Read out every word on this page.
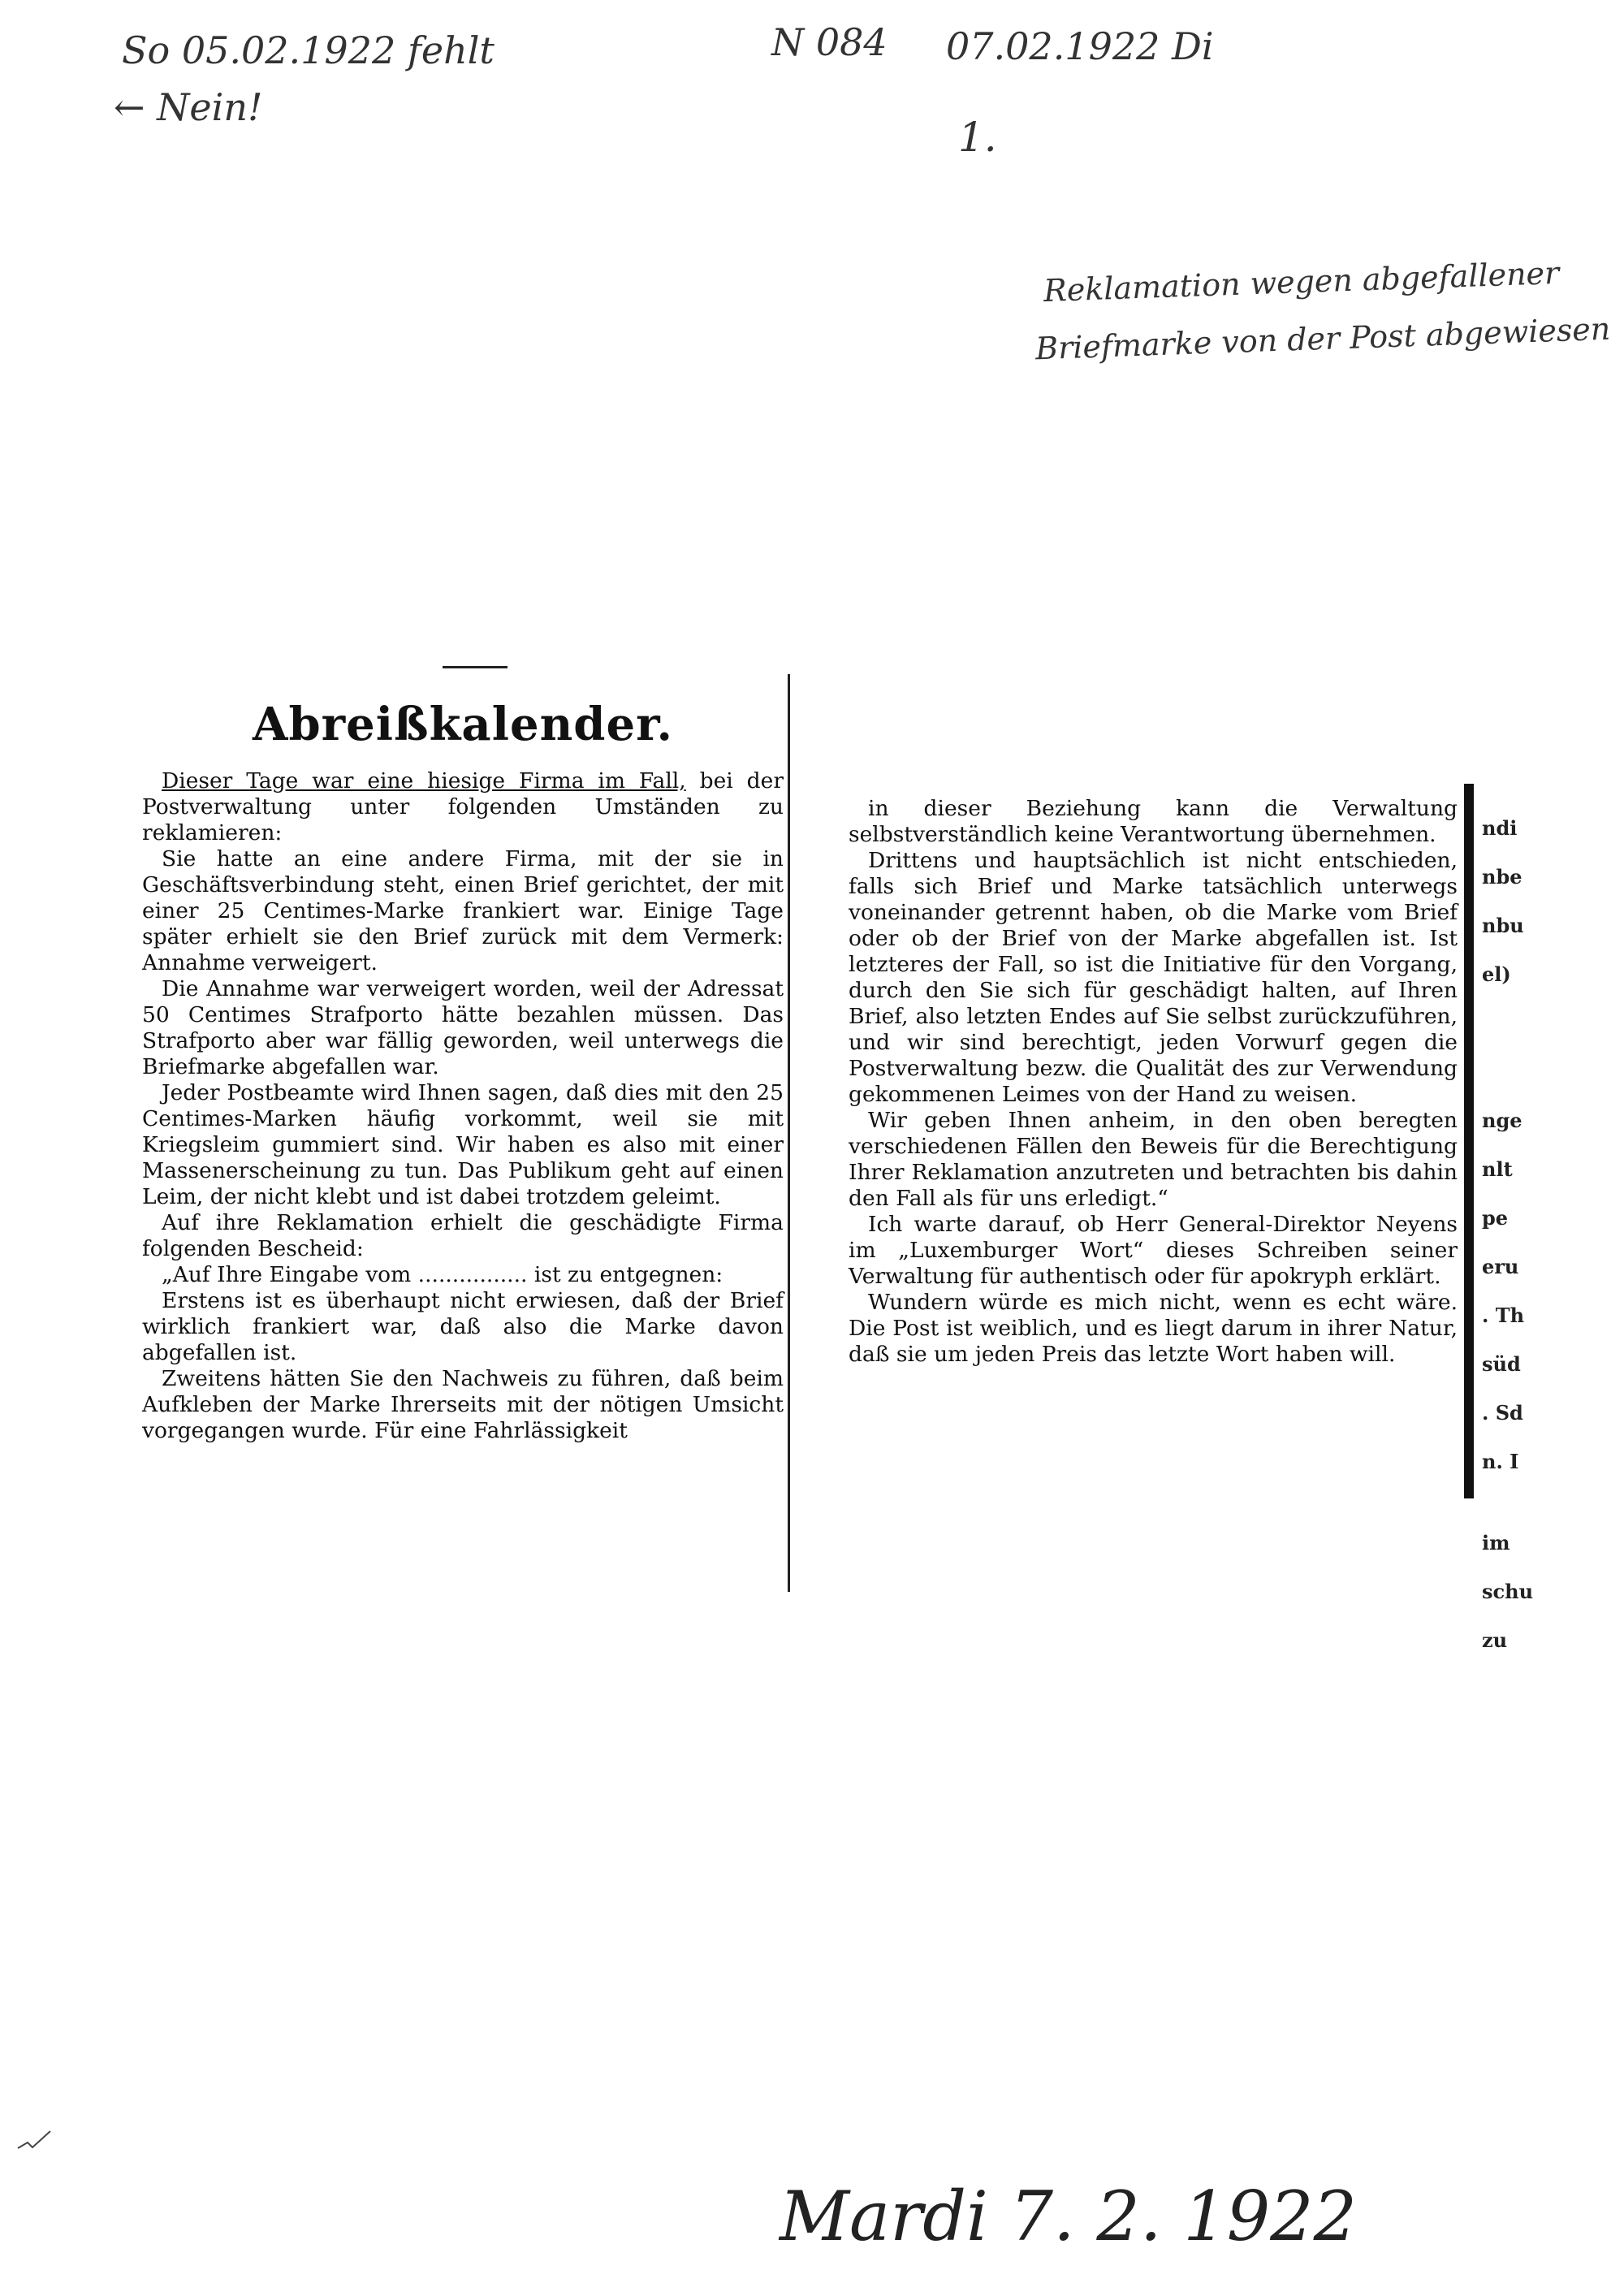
So 05.02.1922 fehlt
← Nein!
N 084 07.02.1922 Di
1.
Reklamation wegen abgefallener
Briefmarke von der Post abgewiesen
Mardi 7. 2. 1922
Abreißkalender.

Dieser Tage war eine hiesige Firma im Fall, bei der Postverwaltung unter folgenden Umständen zu reklamieren:

Sie hatte an eine andere Firma, mit der sie in Geschäftsverbindung steht, einen Brief gerichtet, der mit einer 25 Centimes-Marke frankiert war. Einige Tage später erhielt sie den Brief zurück mit dem Vermerk: Annahme verweigert.

Die Annahme war verweigert worden, weil der Adressat 50 Centimes Strafporto hätte bezahlen müssen. Das Strafporto aber war fällig geworden, weil unterwegs die Briefmarke abgefallen war.

Jeder Postbeamte wird Ihnen sagen, daß dies mit den 25 Centimes-Marken häufig vorkommt, weil sie mit Kriegsleim gummiert sind. Wir haben es also mit einer Massenerscheinung zu tun. Das Publikum geht auf einen Leim, der nicht klebt und ist dabei trotzdem geleimt.

Auf ihre Reklamation erhielt die geschädigte Firma folgenden Bescheid:

„Auf Ihre Eingabe vom ................ ist zu entgegnen:

Erstens ist es überhaupt nicht erwiesen, daß der Brief wirklich frankiert war, daß also die Marke davon abgefallen ist.

Zweitens hätten Sie den Nachweis zu führen, daß beim Aufkleben der Marke Ihrerseits mit der nötigen Umsicht vorgegangen wurde. Für eine Fahrlässigkeit

in dieser Beziehung kann die Verwaltung selbstverständlich keine Verantwortung übernehmen.

Drittens und hauptsächlich ist nicht entschieden, falls sich Brief und Marke tatsächlich unterwegs voneinander getrennt haben, ob die Marke vom Brief oder ob der Brief von der Marke abgefallen ist. Ist letzteres der Fall, so ist die Initiative für den Vorgang, durch den Sie sich für geschädigt halten, auf Ihren Brief, also letzten Endes auf Sie selbst zurückzuführen, und wir sind berechtigt, jeden Vorwurf gegen die Postverwaltung bezw. die Qualität des zur Verwendung gekommenen Leimes von der Hand zu weisen.

Wir geben Ihnen anheim, in den oben beregten verschiedenen Fällen den Beweis für die Berechtigung Ihrer Reklamation anzutreten und betrachten bis dahin den Fall als für uns erledigt.“

Ich warte darauf, ob Herr General-Direktor Neyens im „Luxemburger Wort“ dieses Schreiben seiner Verwaltung für authentisch oder für apokryph erklärt.

Wundern würde es mich nicht, wenn es echt wäre. Die Post ist weiblich, und es liegt darum in ihrer Natur, daß sie um jeden Preis das letzte Wort haben will.

ndi
nbe
nbu
el)
nge
nlt
pe
eru
. Th
süd
. Sd
n. I
im
schu
zu
